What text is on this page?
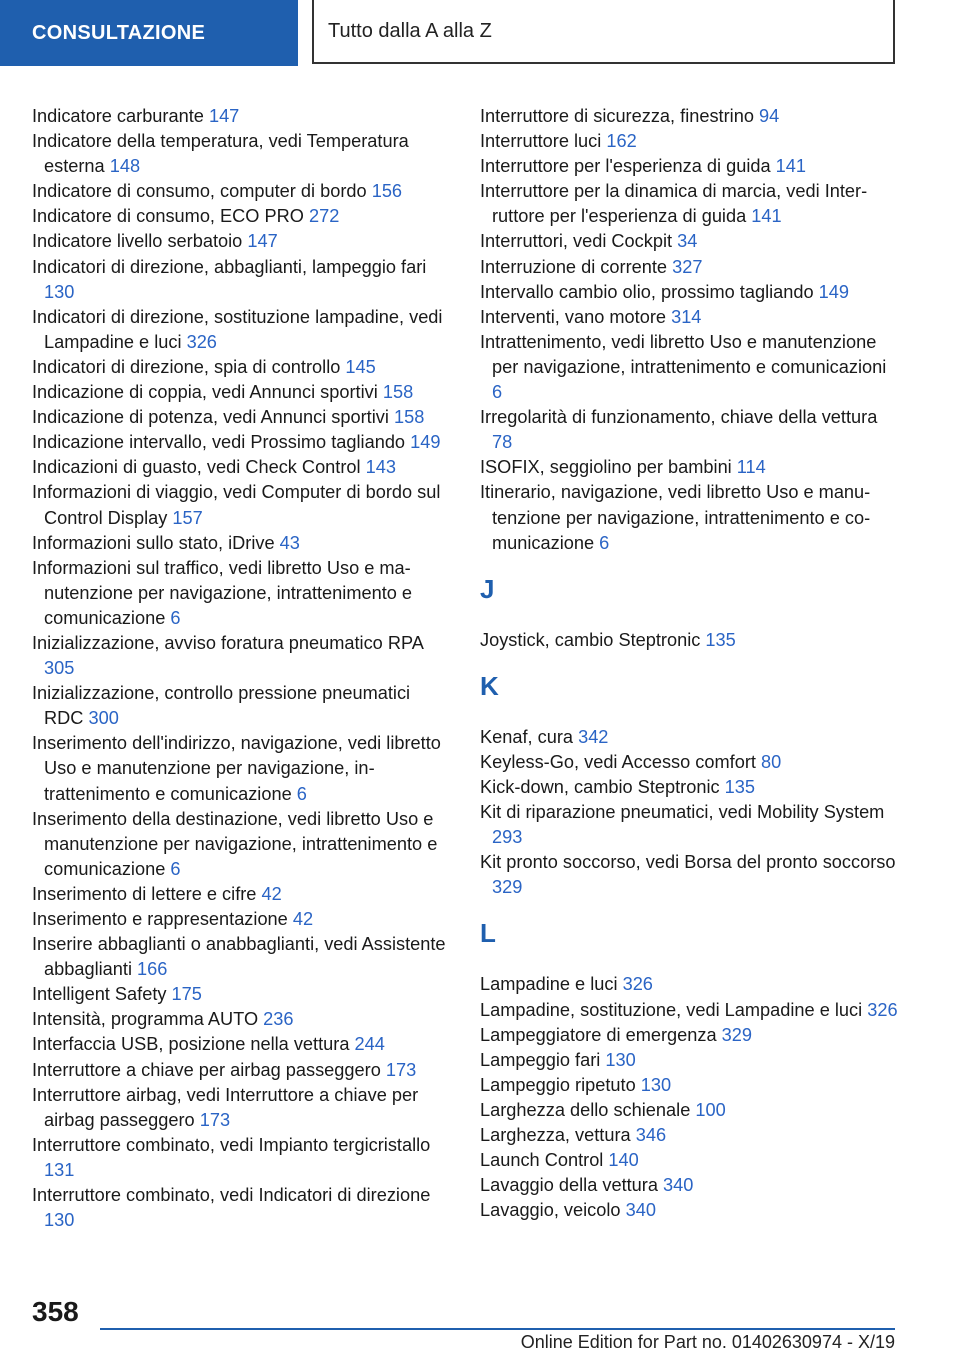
CONSULTAZIONE	Tutto dalla A alla Z
Indicatore carburante 147
Indicatore della temperatura, vedi Temperatura esterna 148
Indicatore di consumo, computer di bordo 156
Indicatore di consumo, ECO PRO 272
Indicatore livello serbatoio 147
Indicatori di direzione, abbaglianti, lampeggio fari 130
Indicatori di direzione, sostituzione lampadine, vedi Lampadine e luci 326
Indicatori di direzione, spia di controllo 145
Indicazione di coppia, vedi Annunci sportivi 158
Indicazione di potenza, vedi Annunci sportivi 158
Indicazione intervallo, vedi Prossimo tagliando 149
Indicazioni di guasto, vedi Check Control 143
Informazioni di viaggio, vedi Computer di bordo sul Control Display 157
Informazioni sullo stato, iDrive 43
Informazioni sul traffico, vedi libretto Uso e manutenzione per navigazione, intrattenimento e comunicazione 6
Inizializzazione, avviso foratura pneumatico RPA 305
Inizializzazione, controllo pressione pneumatici RDC 300
Inserimento dell'indirizzo, navigazione, vedi libretto Uso e manutenzione per navigazione, intrattenimento e comunicazione 6
Inserimento della destinazione, vedi libretto Uso e manutenzione per navigazione, intrattenimento e comunicazione 6
Inserimento di lettere e cifre 42
Inserimento e rappresentazione 42
Inserire abbaglianti o anabbaglianti, vedi Assistente abbaglianti 166
Intelligent Safety 175
Intensità, programma AUTO 236
Interfaccia USB, posizione nella vettura 244
Interruttore a chiave per airbag passeggero 173
Interruttore airbag, vedi Interruttore a chiave per airbag passeggero 173
Interruttore combinato, vedi Impianto tergicristallo 131
Interruttore combinato, vedi Indicatori di direzione 130
Interruttore di sicurezza, finestrino 94
Interruttore luci 162
Interruttore per l'esperienza di guida 141
Interruttore per la dinamica di marcia, vedi Interruttore per l'esperienza di guida 141
Interruttori, vedi Cockpit 34
Interruzione di corrente 327
Intervallo cambio olio, prossimo tagliando 149
Interventi, vano motore 314
Intrattenimento, vedi libretto Uso e manutenzione per navigazione, intrattenimento e comunicazioni 6
Irregolarità di funzionamento, chiave della vettura 78
ISOFIX, seggiolino per bambini 114
Itinerario, navigazione, vedi libretto Uso e manutenzione per navigazione, intrattenimento e comunicazione 6
J
Joystick, cambio Steptronic 135
K
Kenaf, cura 342
Keyless-Go, vedi Accesso comfort 80
Kick-down, cambio Steptronic 135
Kit di riparazione pneumatici, vedi Mobility System 293
Kit pronto soccorso, vedi Borsa del pronto soccorso 329
L
Lampadine e luci 326
Lampadine, sostituzione, vedi Lampadine e luci 326
Lampeggiatore di emergenza 329
Lampeggio fari 130
Lampeggio ripetuto 130
Larghezza dello schienale 100
Larghezza, vettura 346
Launch Control 140
Lavaggio della vettura 340
Lavaggio, veicolo 340
358
Online Edition for Part no. 01402630974 - X/19
